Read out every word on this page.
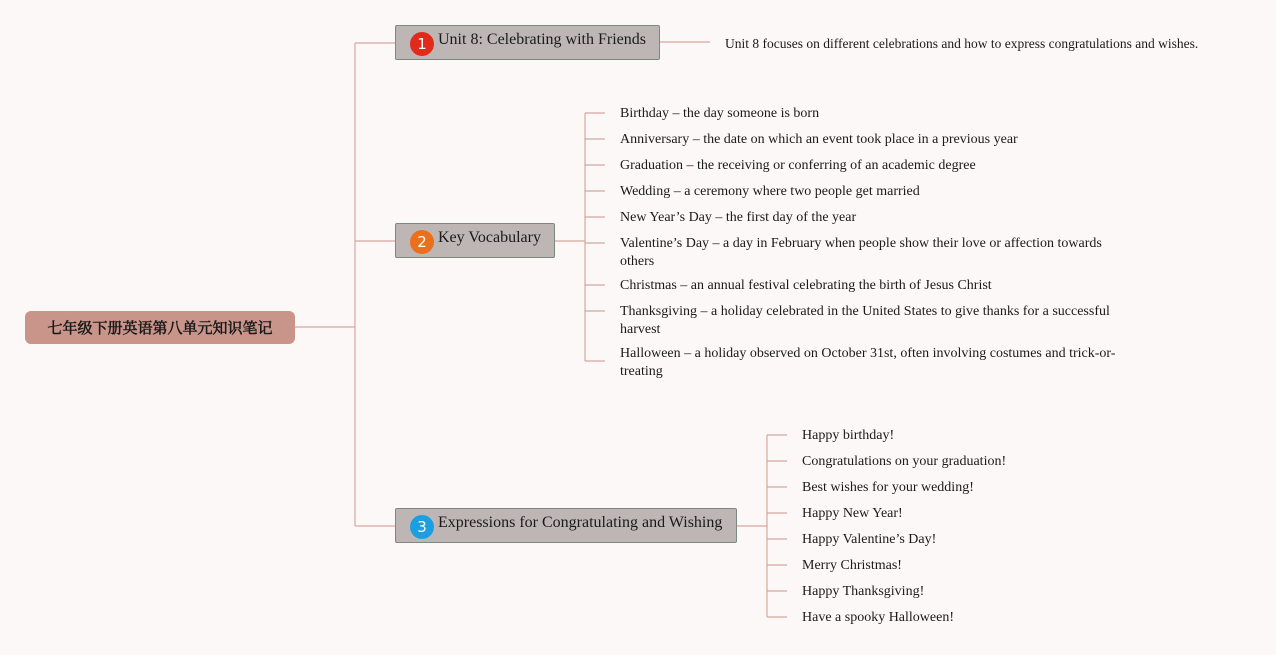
七年级下册英语第八单元知识笔记
1 Unit 8: Celebrating with Friends	Unit 8 focuses on different celebrations and how to express congratulations and wishes.
2 Key Vocabulary
Birthday – the day someone is born
Anniversary – the date on which an event took place in a previous year
Graduation – the receiving or conferring of an academic degree
Wedding – a ceremony where two people get married
New Year’s Day – the first day of the year
Valentine’s Day – a day in February when people show their love or affection towards others
Christmas – an annual festival celebrating the birth of Jesus Christ
Thanksgiving – a holiday celebrated in the United States to give thanks for a successful harvest
Halloween – a holiday observed on October 31st, often involving costumes and trick-or-treating
3 Expressions for Congratulating and Wishing
Happy birthday!
Congratulations on your graduation!
Best wishes for your wedding!
Happy New Year!
Happy Valentine’s Day!
Merry Christmas!
Happy Thanksgiving!
Have a spooky Halloween!
